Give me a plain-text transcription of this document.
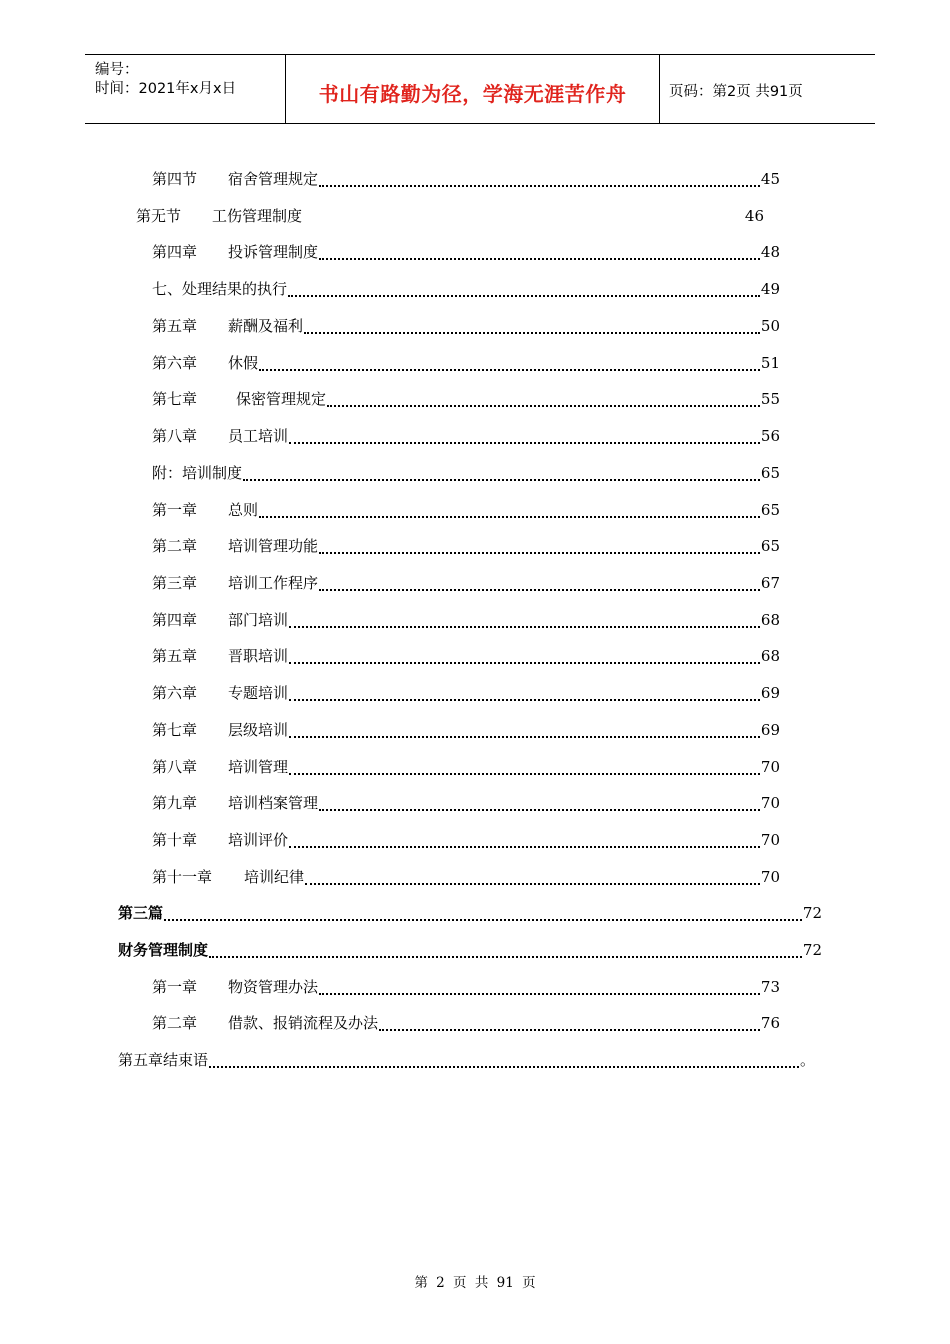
编号：
时间：2021年x月x日	书山有路勤为径，学海无涯苦作舟	页码：第2页 共91页
第四节	宿舍管理规定	45
第无节	工伤管理制度	46
第四章	投诉管理制度	48
七、处理结果的执行	49
第五章	薪酬及福利	50
第六章	休假	51
第七章	保密管理规定	55
第八章	员工培训	56
附：培训制度	65
第一章	总则	65
第二章	培训管理功能	65
第三章	培训工作程序	67
第四章	部门培训	68
第五章	晋职培训	68
第六章	专题培训	69
第七章	层级培训	69
第八章	培训管理	70
第九章	培训档案管理	70
第十章	培训评价	70
第十一章	培训纪律	70
第三篇	72
财务管理制度	72
第一章	物资管理办法	73
第二章	借款、报销流程及办法	76
第五章结束语	。
第 2 页 共 91 页
